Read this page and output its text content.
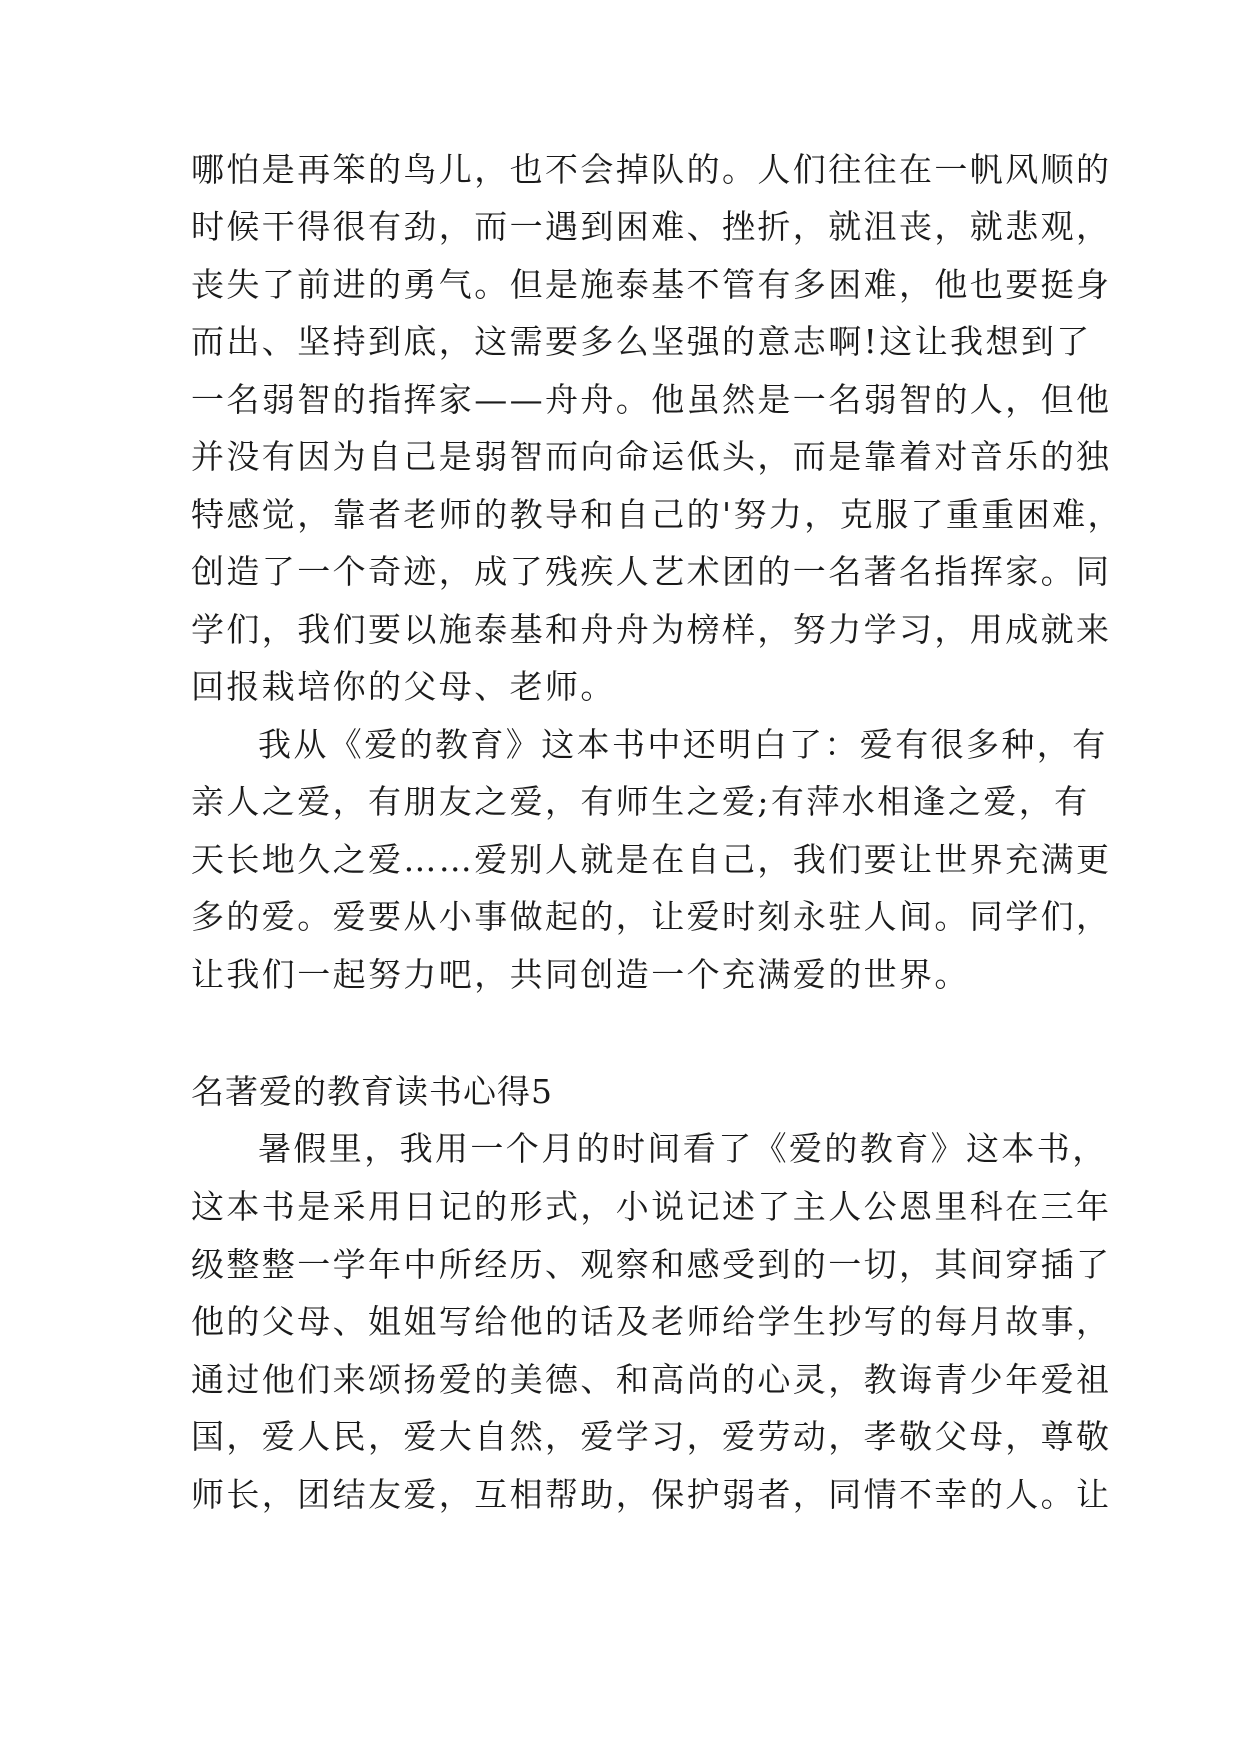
哪怕是再笨的鸟儿，也不会掉队的。人们往往在一帆风顺的
时候干得很有劲，而一遇到困难、挫折，就沮丧，就悲观，
丧失了前进的勇气。但是施泰基不管有多困难，他也要挺身
而出、坚持到底，这需要多么坚强的意志啊!这让我想到了
一名弱智的指挥家——舟舟。他虽然是一名弱智的人，但他
并没有因为自己是弱智而向命运低头，而是靠着对音乐的独
特感觉，靠者老师的教导和自己的'努力，克服了重重困难，
创造了一个奇迹，成了残疾人艺术团的一名著名指挥家。同
学们，我们要以施泰基和舟舟为榜样，努力学习，用成就来
回报栽培你的父母、老师。
我从《爱的教育》这本书中还明白了：爱有很多种，有
亲人之爱，有朋友之爱，有师生之爱;有萍水相逢之爱，有
天长地久之爱……爱别人就是在自己，我们要让世界充满更
多的爱。爱要从小事做起的，让爱时刻永驻人间。同学们，
让我们一起努力吧，共同创造一个充满爱的世界。
名著爱的教育读书心得5
暑假里，我用一个月的时间看了《爱的教育》这本书，
这本书是采用日记的形式，小说记述了主人公恩里科在三年
级整整一学年中所经历、观察和感受到的一切，其间穿插了
他的父母、姐姐写给他的话及老师给学生抄写的每月故事，
通过他们来颂扬爱的美德、和高尚的心灵，教诲青少年爱祖
国，爱人民，爱大自然，爱学习，爱劳动，孝敬父母，尊敬
师长，团结友爱，互相帮助，保护弱者，同情不幸的人。让
